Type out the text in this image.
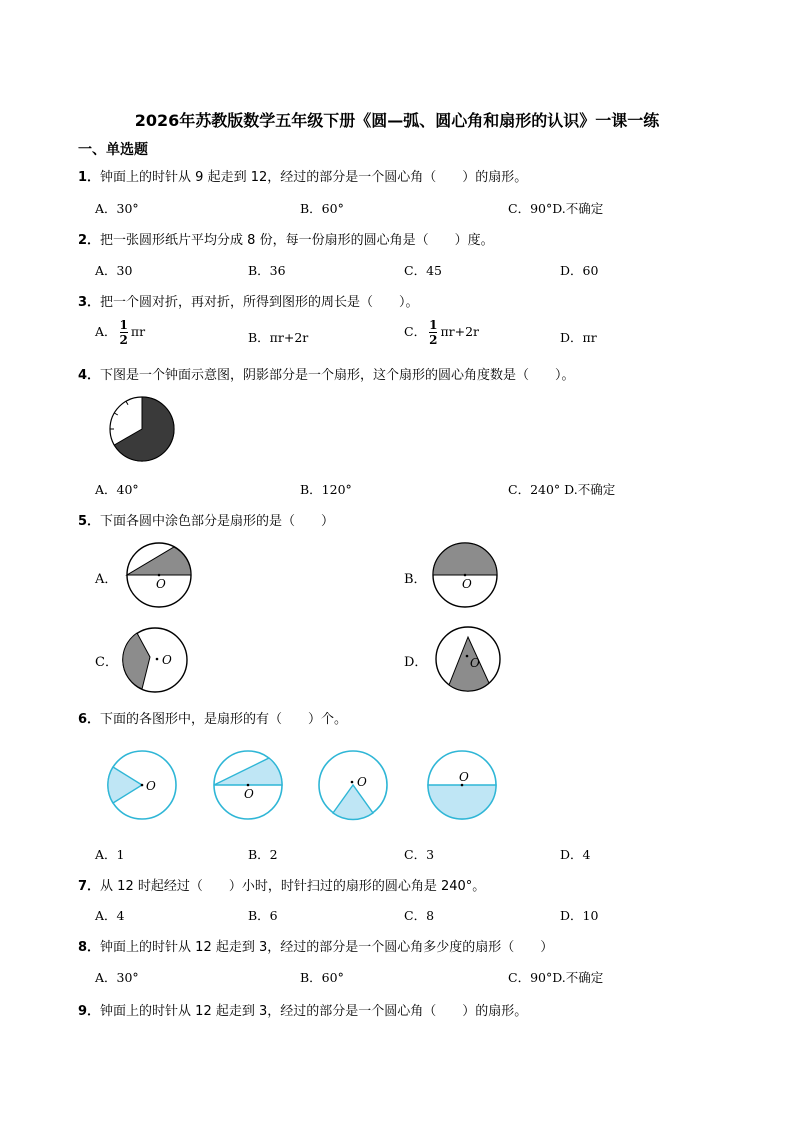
2026年苏教版数学五年级下册《圆—弧、圆心角和扇形的认识》一课一练
一、单选题
1．钟面上的时针从 9 起走到 12，经过的部分是一个圆心角（　　）的扇形。
A．30°	B．60°	C．90°D.不确定
2．把一张圆形纸片平均分成 8 份，每一份扇形的圆心角是（　　）度。
A．30	B．36	C．45	D．60
3．把一个圆对折，再对折，所得到图形的周长是（　　）。
A． $\frac{1}{2}$ πr	B．πr+2r	C． $\frac{1}{2} \pi r+2r$	D．πr
4．下图是一个钟面示意图，阴影部分是一个扇形，这个扇形的圆心角度数是（　　）。
A．40°	B．120°	C．240° D.不确定
5．下面各圆中涂色部分是扇形的是（　　）
A．	O	B．	O
C．	O	D．	O
6．下面的各图形中，是扇形的有（　　）个。
O
O
O	O
A．1	B．2	C．3	D．4
7．从 12 时起经过（　　）小时，时针扫过的扇形的圆心角是 240°。
A．4	B．6	C．8	D．10
8．钟面上的时针从 12 起走到 3，经过的部分是一个圆心角多少度的扇形（　　）
A．30°	B．60°	C．90°D.不确定
9．钟面上的时针从 12 起走到 3，经过的部分是一个圆心角（　　）的扇形。
